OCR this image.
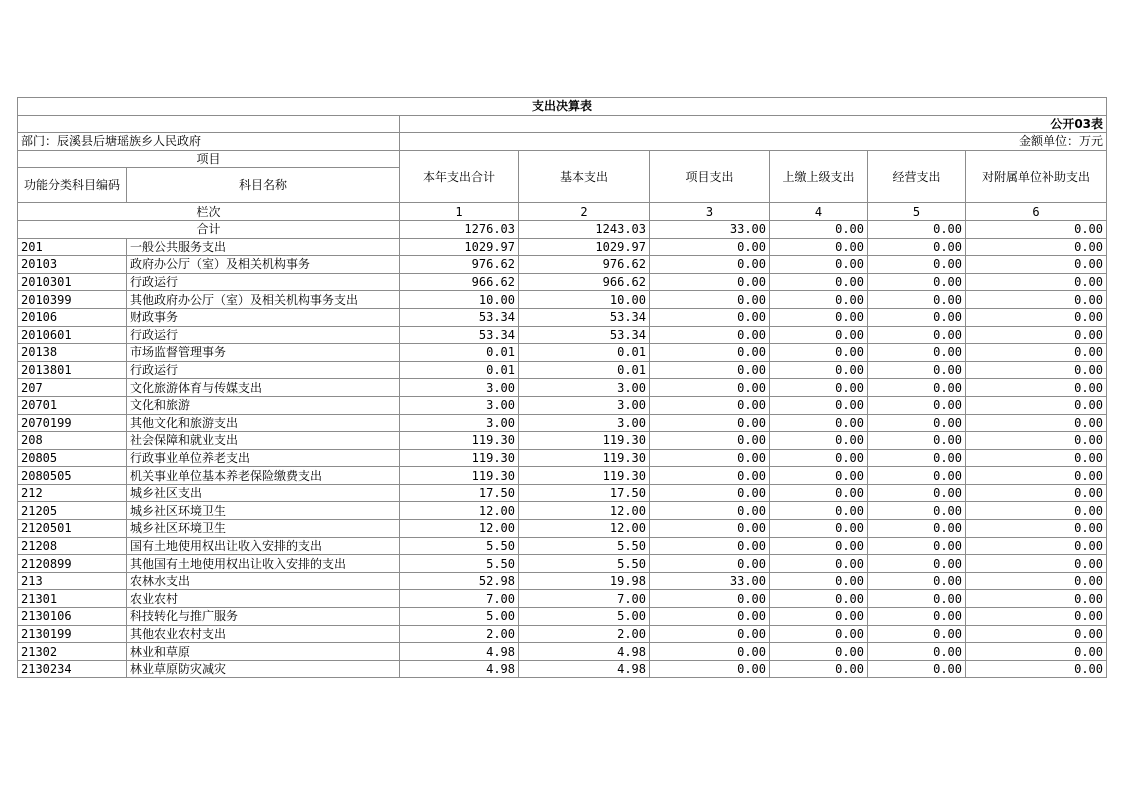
支出决算表							
		公开03表					
部门：辰溪县后塘瑶族乡人民政府		金额单位：万元					
项目		本年支出合计	基本支出	项目支出	上缴上级支出	经营支出	对附属单位补助支出
功能分类科目编码	科目名称						
栏次		1	2	3	4	5	6
合计		1276.03	1243.03	33.00	0.00	0.00	0.00
201	一般公共服务支出	1029.97	1029.97	0.00	0.00	0.00	0.00
20103	政府办公厅（室）及相关机构事务	976.62	976.62	0.00	0.00	0.00	0.00
2010301	行政运行	966.62	966.62	0.00	0.00	0.00	0.00
2010399	其他政府办公厅（室）及相关机构事务支出	10.00	10.00	0.00	0.00	0.00	0.00
20106	财政事务	53.34	53.34	0.00	0.00	0.00	0.00
2010601	行政运行	53.34	53.34	0.00	0.00	0.00	0.00
20138	市场监督管理事务	0.01	0.01	0.00	0.00	0.00	0.00
2013801	行政运行	0.01	0.01	0.00	0.00	0.00	0.00
207	文化旅游体育与传媒支出	3.00	3.00	0.00	0.00	0.00	0.00
20701	文化和旅游	3.00	3.00	0.00	0.00	0.00	0.00
2070199	其他文化和旅游支出	3.00	3.00	0.00	0.00	0.00	0.00
208	社会保障和就业支出	119.30	119.30	0.00	0.00	0.00	0.00
20805	行政事业单位养老支出	119.30	119.30	0.00	0.00	0.00	0.00
2080505	机关事业单位基本养老保险缴费支出	119.30	119.30	0.00	0.00	0.00	0.00
212	城乡社区支出	17.50	17.50	0.00	0.00	0.00	0.00
21205	城乡社区环境卫生	12.00	12.00	0.00	0.00	0.00	0.00
2120501	城乡社区环境卫生	12.00	12.00	0.00	0.00	0.00	0.00
21208	国有土地使用权出让收入安排的支出	5.50	5.50	0.00	0.00	0.00	0.00
2120899	其他国有土地使用权出让收入安排的支出	5.50	5.50	0.00	0.00	0.00	0.00
213	农林水支出	52.98	19.98	33.00	0.00	0.00	0.00
21301	农业农村	7.00	7.00	0.00	0.00	0.00	0.00
2130106	科技转化与推广服务	5.00	5.00	0.00	0.00	0.00	0.00
2130199	其他农业农村支出	2.00	2.00	0.00	0.00	0.00	0.00
21302	林业和草原	4.98	4.98	0.00	0.00	0.00	0.00
2130234	林业草原防灾减灾	4.98	4.98	0.00	0.00	0.00	0.00
